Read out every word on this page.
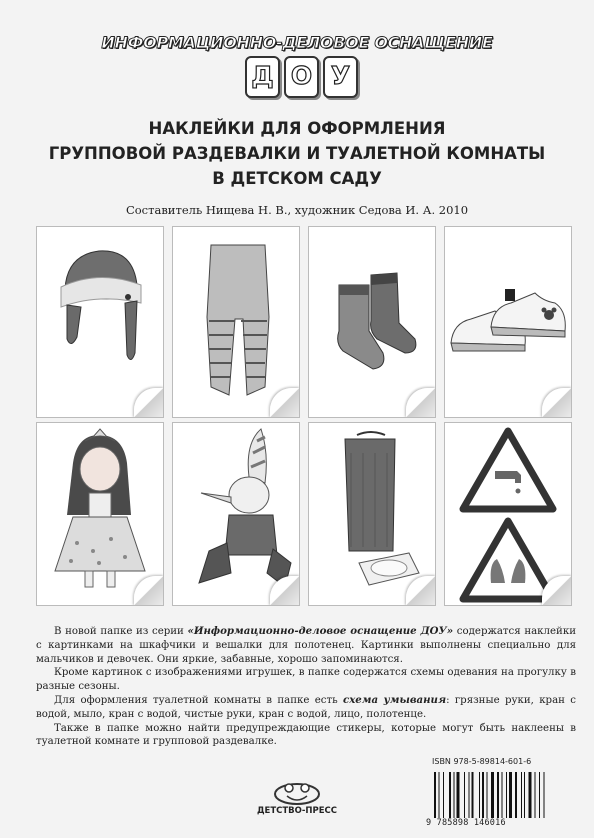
ИНФОРМАЦИОННО-ДЕЛОВОЕ ОСНАЩЕНИЕ
Д О У
НАКЛЕЙКИ ДЛЯ ОФОРМЛЕНИЯ
ГРУППОВОЙ РАЗДЕВАЛКИ И ТУАЛЕТНОЙ КОМНАТЫ
В ДЕТСКОМ САДУ
Составитель Нищева Н. В., художник Седова И. А. 2010

В новой папке из серии «Информационно-деловое оснащение ДОУ» содержатся наклейки с картинками на шкафчики и вешалки для полотенец. Картинки выполнены специально для мальчиков и девочек. Они яркие, забавные, хорошо запоминаются.

Кроме картинок с изображениями игрушек, в папке содержатся схемы одевания на прогулку в разные сезоны.

Для оформления туалетной комнаты в папке есть схема умывания: грязные руки, кран с водой, мыло, кран с водой, чистые руки, кран с водой, лицо, полотенце.

Также в папке можно найти предупреждающие стикеры, которые могут быть наклеены в туалетной комнате и групповой раздевалке.

ДЕТСТВО-ПРЕСС
ISBN 978-5-89814-601-6
9 785898 146016
